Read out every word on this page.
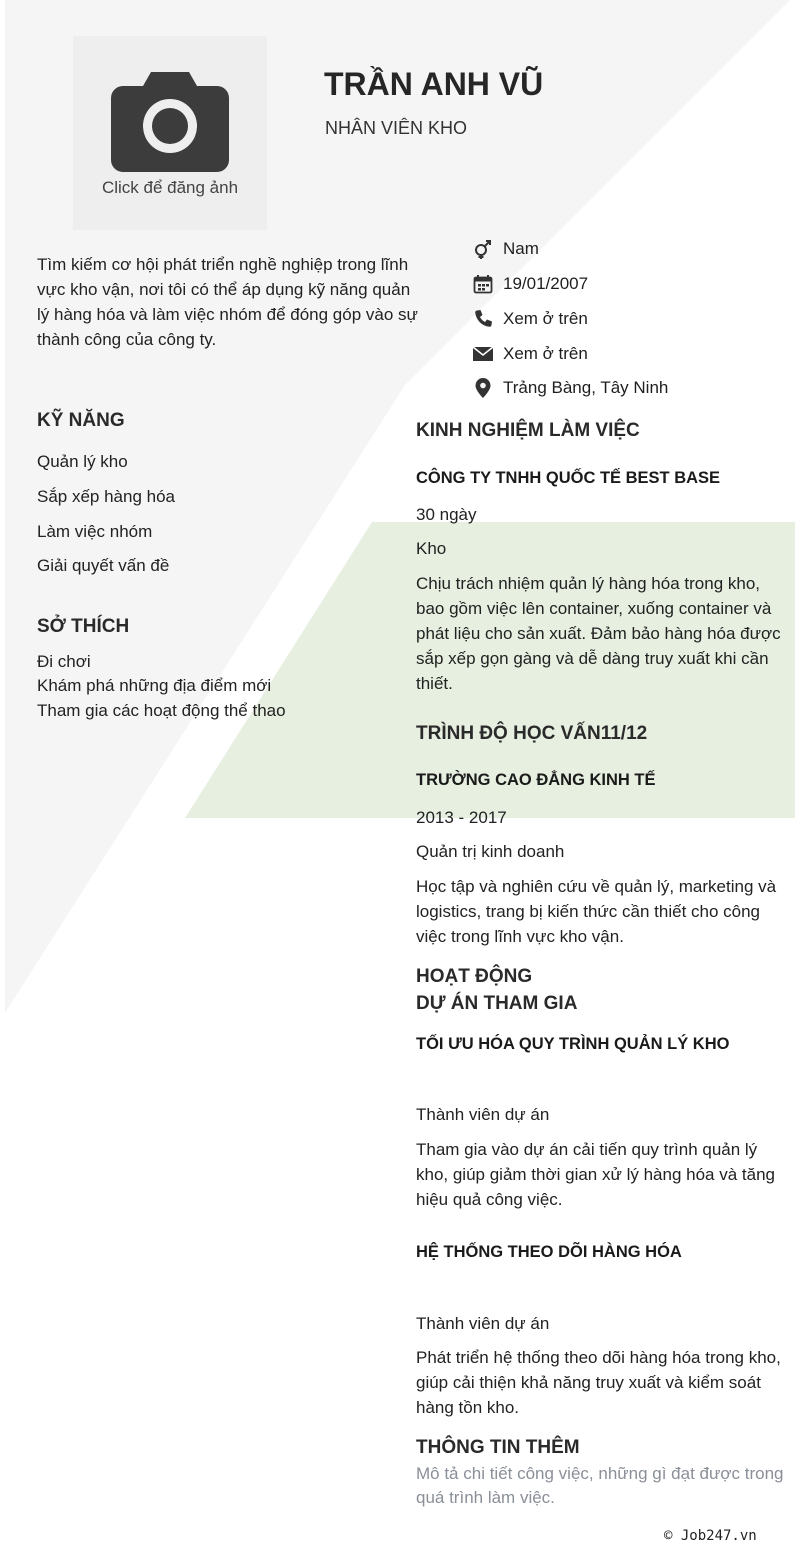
Click để đăng ảnh
TRẦN ANH VŨ
NHÂN VIÊN KHO

Tìm kiếm cơ hội phát triển nghề nghiệp trong lĩnh vực kho vận, nơi tôi có thể áp dụng kỹ năng quản lý hàng hóa và làm việc nhóm để đóng góp vào sự thành công của công ty.

Nam
19/01/2007
Xem ở trên
Xem ở trên
Trảng Bàng, Tây Ninh
KỸ NĂNG
Quản lý kho
Sắp xếp hàng hóa
Làm việc nhóm
Giải quyết vấn đề
SỞ THÍCH
Đi chơi
Khám phá những địa điểm mới
Tham gia các hoạt động thể thao
KINH NGHIỆM LÀM VIỆC
CÔNG TY TNHH QUỐC TẾ BEST BASE
30 ngày
Kho
Chịu trách nhiệm quản lý hàng hóa trong kho, bao gồm việc lên container, xuống container và phát liệu cho sản xuất. Đảm bảo hàng hóa được sắp xếp gọn gàng và dễ dàng truy xuất khi cần thiết.
TRÌNH ĐỘ HỌC VẤN11/12
TRƯỜNG CAO ĐẲNG KINH TẾ
2013 - 2017
Quản trị kinh doanh
Học tập và nghiên cứu về quản lý, marketing và logistics, trang bị kiến thức cần thiết cho công việc trong lĩnh vực kho vận.
HOẠT ĐỘNG
DỰ ÁN THAM GIA
TỐI ƯU HÓA QUY TRÌNH QUẢN LÝ KHO
Thành viên dự án
Tham gia vào dự án cải tiến quy trình quản lý kho, giúp giảm thời gian xử lý hàng hóa và tăng hiệu quả công việc.
HỆ THỐNG THEO DÕI HÀNG HÓA
Thành viên dự án
Phát triển hệ thống theo dõi hàng hóa trong kho, giúp cải thiện khả năng truy xuất và kiểm soát hàng tồn kho.
THÔNG TIN THÊM
Mô tả chi tiết công việc, những gì đạt được trong quá trình làm việc.
© Job247.vn
